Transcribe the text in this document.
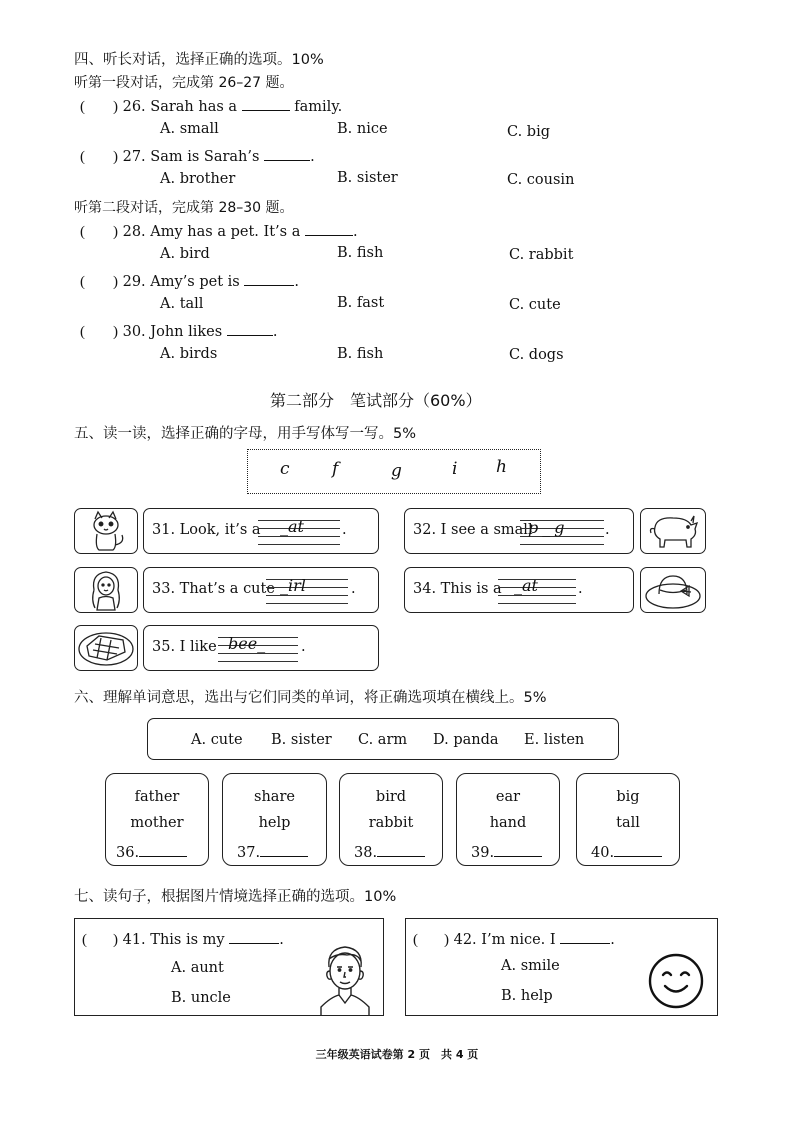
四、听长对话，选择正确的选项。10%
听第一段对话，完成第 26–27 题。
( ) 26. Sarah has a	family.
A. small	B. nice	C. big
( ) 27. Sam is Sarah’s	.
A. brother	B. sister	C. cousin
听第二段对话，完成第 28–30 题。
( ) 28. Amy has a pet. It’s a	.
A. bird	B. fish	C. rabbit
( ) 29. Amy’s pet is	.
A. tall	B. fast	C. cute
( ) 30. John likes	.
A. birds	B. fish	C. dogs
第二部分　笔试部分（60%）
五、读一读，选择正确的字母，用手写体写一写。5%
c f	g	i h
31. Look, it’s a _at	.	32. I see a small
p_g	.
33. That’s a cute _irl	.	34. This is a _at	.
35. I like bee_ .
六、理解单词意思，选出与它们同类的单词，将正确选项填在横线上。5%
A. cute B. sister C. arm D. panda E. listen
father
mother
36.
share
help
37.
bird
rabbit
38.
ear
hand
39.
big
tall
40.
七、读句子，根据图片情境选择正确的选项。10%
( ) 41. This is my	.
A. aunt
B. uncle
( ) 42. I’m nice. I	.
A. smile
B. help
三年级英语试卷第 2 页　共 4 页
